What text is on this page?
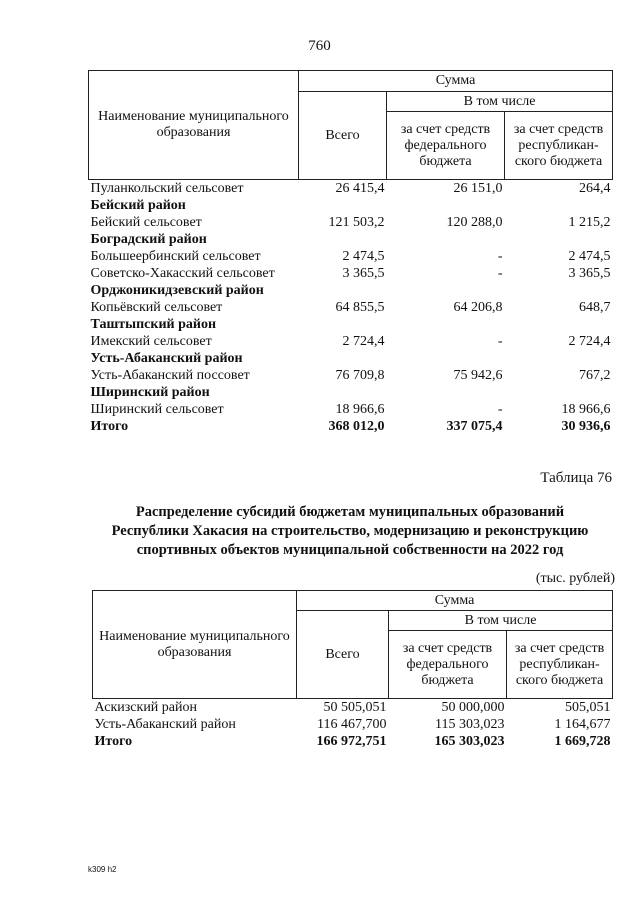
760
Наименование муниципального образования	Сумма		
	Всего	В том числе	
		за счет средств федерального бюджета	за счет средств республикан-ского бюджета
Пуланкольский сельсовет	26 415,4	26 151,0	264,4
Бейский район			
Бейский сельсовет	121 503,2	120 288,0	1 215,2
Боградский район			
Большеербинский сельсовет	2 474,5	-	2 474,5
Советско-Хакасский сельсовет	3 365,5	-	3 365,5
Орджоникидзевский район			
Копьёвский сельсовет	64 855,5	64 206,8	648,7
Таштыпский район			
Имекский сельсовет	2 724,4	-	2 724,4
Усть-Абаканский район			
Усть-Абаканский поссовет	76 709,8	75 942,6	767,2
Ширинский район			
Ширинский сельсовет	18 966,6	-	18 966,6
Итого	368 012,0	337 075,4	30 936,6
Таблица 76
Распределение субсидий бюджетам муниципальных образований
Республики Хакасия на строительство, модернизацию и реконструкцию
спортивных объектов муниципальной собственности на 2022 год
(тыс. рублей)
Наименование муниципального образования	Сумма		
	Всего	В том числе	
		за счет средств федерального бюджета	за счет средств республикан-ского бюджета
Аскизский район	50 505,051	50 000,000	505,051
Усть-Абаканский район	116 467,700	115 303,023	1 164,677
Итого	166 972,751	165 303,023	1 669,728
k309 h2
